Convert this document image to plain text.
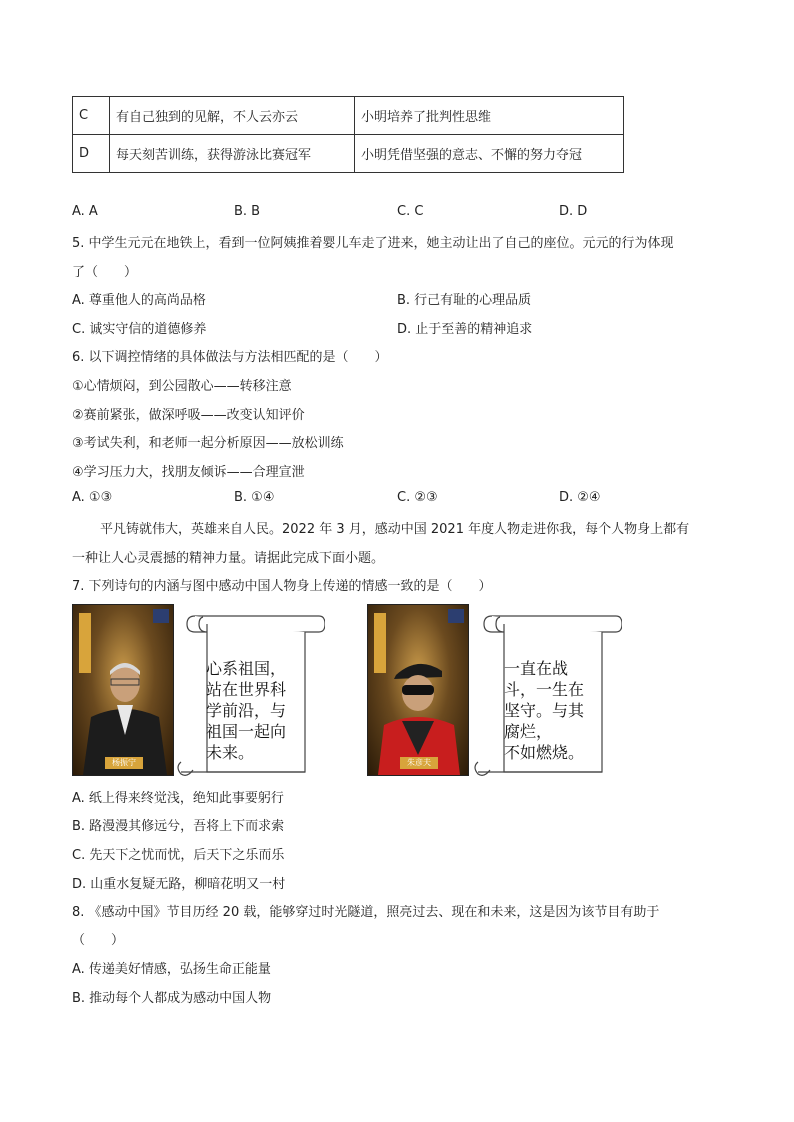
C	有自己独到的见解，不人云亦云	小明培养了批判性思维
D	每天刻苦训练，获得游泳比赛冠军	小明凭借坚强的意志、不懈的努力夺冠
A. A	B. B	C. C	D. D
5. 中学生元元在地铁上，看到一位阿姨推着婴儿车走了进来，她主动让出了自己的座位。元元的行为体现
了（　　）
A. 尊重他人的高尚品格	B. 行己有耻的心理品质
C. 诚实守信的道德修养	D. 止于至善的精神追求
6. 以下调控情绪的具体做法与方法相匹配的是（　　）
①心情烦闷，到公园散心——转移注意
②赛前紧张，做深呼吸——改变认知评价
③考试失利，和老师一起分析原因——放松训练
④学习压力大，找朋友倾诉——合理宣泄
A. ①③	B. ①④	C. ②③	D. ②④
平凡铸就伟大，英雄来自人民。2022 年 3 月，感动中国 2021 年度人物走进你我，每个人物身上都有
一种让人心灵震撼的精神力量。请据此完成下面小题。
7. 下列诗句的内涵与图中感动中国人物身上传递的情感一致的是（　　）
杨振宁
心系祖国，
站在世界科
学前沿，与
祖国一起向
未来。
朱彦夫
一直在战
斗，一生在
坚守。与其
腐烂，
不如燃烧。
A. 纸上得来终觉浅，绝知此事要躬行
B. 路漫漫其修远兮，吾将上下而求索
C. 先天下之忧而忧，后天下之乐而乐
D. 山重水复疑无路，柳暗花明又一村
8. 《感动中国》节目历经 20 载，能够穿过时光隧道，照亮过去、现在和未来，这是因为该节目有助于
（　　）
A. 传递美好情感，弘扬生命正能量
B. 推动每个人都成为感动中国人物
